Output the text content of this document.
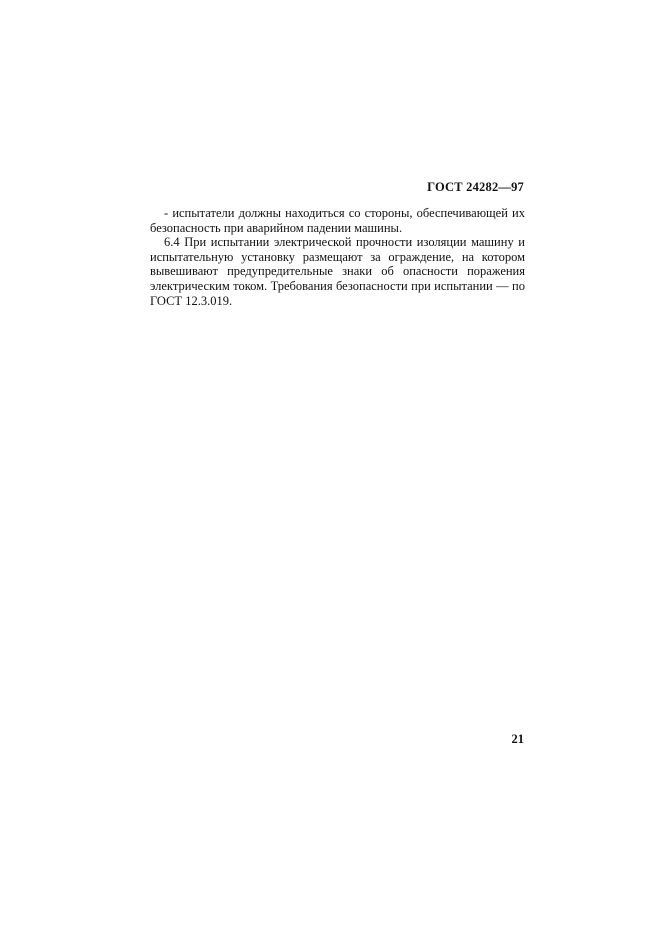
ГОСТ 24282—97

- испытатели должны находиться со стороны, обеспечивающей их безопасность при аварийном падении машины.

6.4 При испытании электрической прочности изоляции машину и испытательную установку размещают за ограждение, на котором вывешивают предупредительные знаки об опасности поражения электрическим током. Требования безопасности при испытании — по ГОСТ 12.3.019.

21
